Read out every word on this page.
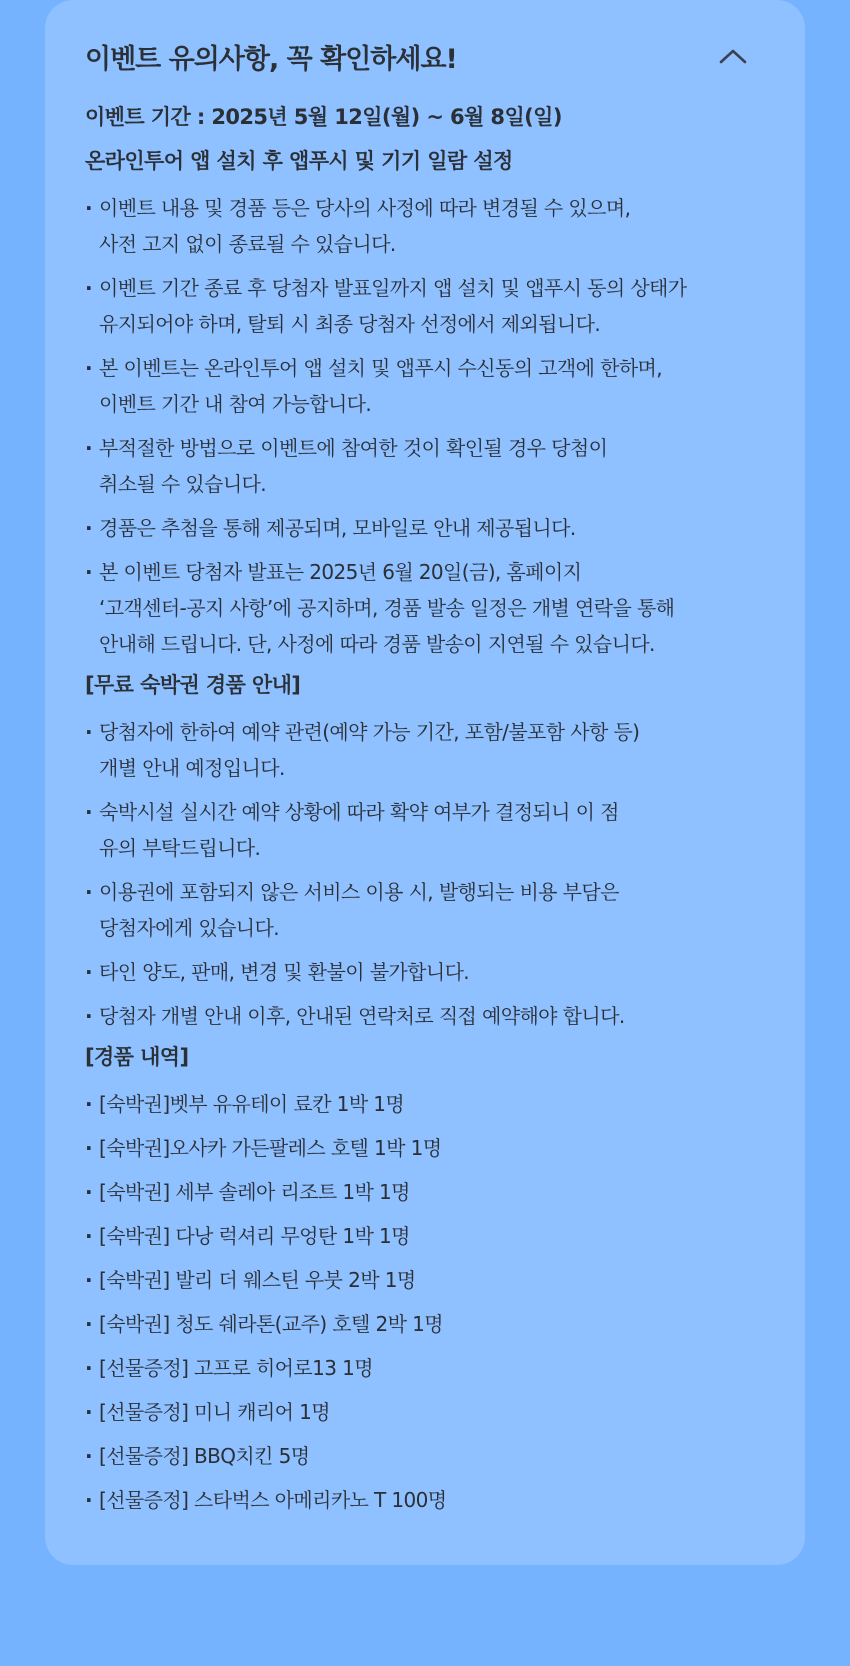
이벤트 유의사항, 꼭 확인하세요!
이벤트 기간 : 2025년 5월 12일(월) ~ 6월 8일(일)
온라인투어 앱 설치 후 앱푸시 및 기기 일람 설정
· 이벤트 내용 및 경품 등은 당사의 사정에 따라 변경될 수 있으며,
사전 고지 없이 종료될 수 있습니다.
· 이벤트 기간 종료 후 당첨자 발표일까지 앱 설치 및 앱푸시 동의 상태가
유지되어야 하며, 탈퇴 시 최종 당첨자 선정에서 제외됩니다.
· 본 이벤트는 온라인투어 앱 설치 및 앱푸시 수신동의 고객에 한하며,
이벤트 기간 내 참여 가능합니다.
· 부적절한 방법으로 이벤트에 참여한 것이 확인될 경우 당첨이
취소될 수 있습니다.
· 경품은 추첨을 통해 제공되며, 모바일로 안내 제공됩니다.
· 본 이벤트 당첨자 발표는 2025년 6월 20일(금), 홈페이지
‘고객센터-공지 사항’에 공지하며, 경품 발송 일정은 개별 연락을 통해
안내해 드립니다. 단, 사정에 따라 경품 발송이 지연될 수 있습니다.
[무료 숙박권 경품 안내]
· 당첨자에 한하여 예약 관련(예약 가능 기간, 포함/불포함 사항 등)
개별 안내 예정입니다.
· 숙박시설 실시간 예약 상황에 따라 확약 여부가 결정되니 이 점
유의 부탁드립니다.
· 이용권에 포함되지 않은 서비스 이용 시, 발행되는 비용 부담은
당첨자에게 있습니다.
· 타인 양도, 판매, 변경 및 환불이 불가합니다.
· 당첨자 개별 안내 이후, 안내된 연락처로 직접 예약해야 합니다.
[경품 내역]
· [숙박권]벳부 유유테이 료칸 1박 1명
· [숙박권]오사카 가든팔레스 호텔 1박 1명
· [숙박권] 세부 솔레아 리조트 1박 1명
· [숙박권] 다낭 럭셔리 무엉탄 1박 1명
· [숙박권] 발리 더 웨스틴 우붓 2박 1명
· [숙박권] 청도 쉐라톤(교주) 호텔 2박 1명
· [선물증정] 고프로 히어로13 1명
· [선물증정] 미니 캐리어 1명
· [선물증정] BBQ치킨 5명
· [선물증정] 스타벅스 아메리카노 T 100명
